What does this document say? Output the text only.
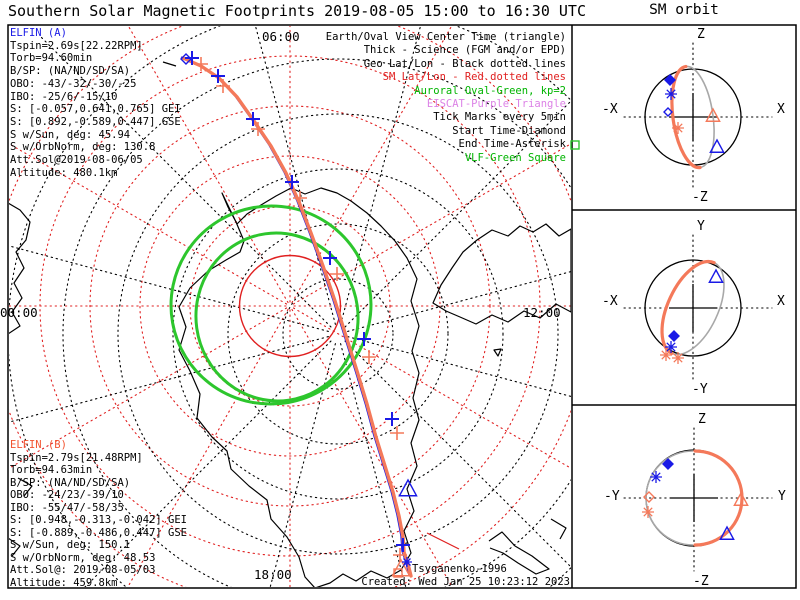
06:00
12:00
18:00
00:00
Z
-Z
X
-X
Y
-Y
X
-X
Z
-Z
Y
-Y
Southern Solar Magnetic Footprints 2019-08-05 15:00 to 16:30 UTC	SM orbit
ELFIN (A)
Tspin=2.69s[22.22RPM]
Torb=94.60min
B/SP: (NA/ND/SD/SA)
OBO: -43/-32/-30/-25
IBO: -25/6/-15/10
S: [-0.057,0.641,0.765] GEI
S: [0.892,-0.589,0.447] GSE
S w/Sun, deg: 45.94
S w/OrbNorm, deg: 130.8
Att.Sol@2019-08-06/05
Altitude: 480.1km
ELFIN (B)
Tspin=2.79s[21.48RPM]
Torb=94.63min
B/SP: (NA/ND/SD/SA)
OBO: -24/23/-39/10
IBO: -55/47/-58/35
S: [0.948,-0.313,-0.042] GEI
S: [-0.889,-0.486,0.447] GSE
S w/Sun, deg: 150.1
S w/OrbNorm, deg: 48.53
Att.Sol@: 2019-08-05/03
Altitude: 459.8km
Earth/Oval View Center Time (triangle)
Thick - Science (FGM and/or EPD)
Geo Lat/Lon - Black dotted lines
SM Lat/Lon - Red dotted lines
Auroral Oval-Green, kp=2
EISCAT-Purple Triangle
Tick Marks every 5min
Start Time-Diamond
End Time-Asterisk
VLF-Green Square
Tsyganenko-1996
Created: Wed Jan 25 10:23:12 2023
